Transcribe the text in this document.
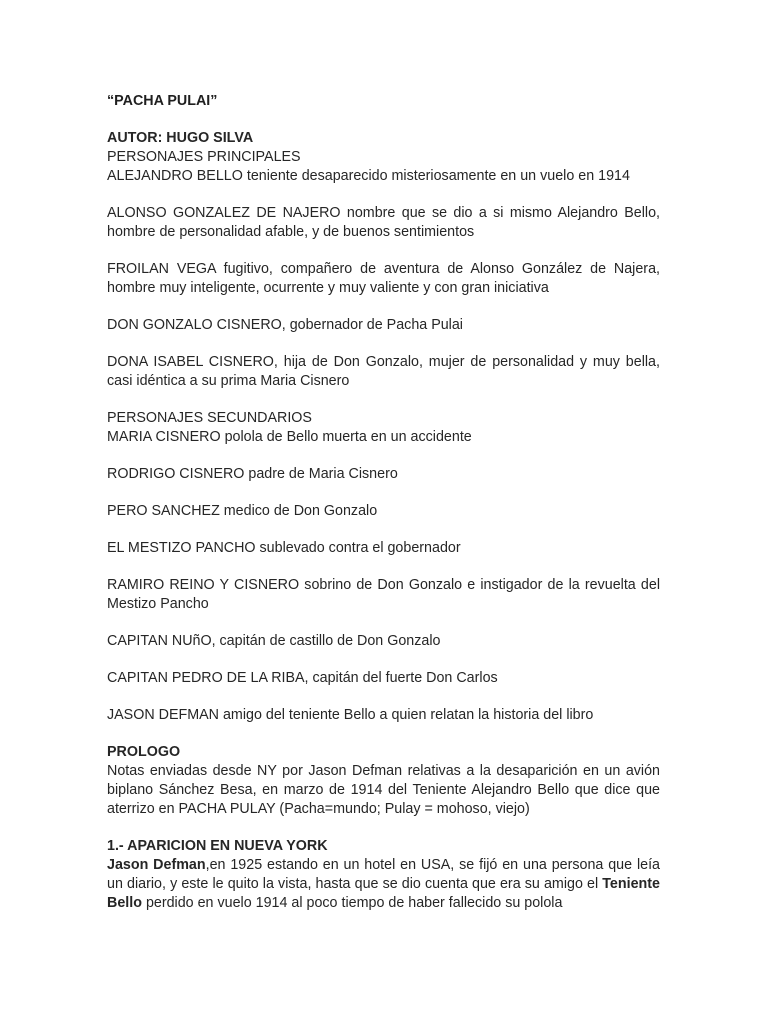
“PACHA PULAI”

AUTOR: HUGO SILVA

PERSONAJES PRINCIPALES

ALEJANDRO BELLO teniente desaparecido misteriosamente en un vuelo en 1914

ALONSO GONZALEZ DE NAJERO nombre que se dio a si mismo Alejandro Bello, hombre de personalidad afable, y de buenos sentimientos

FROILAN VEGA fugitivo, compañero de aventura de Alonso González de Najera, hombre muy inteligente, ocurrente y muy valiente y con gran iniciativa

DON GONZALO CISNERO, gobernador de Pacha Pulai

DONA ISABEL CISNERO, hija de Don Gonzalo, mujer de personalidad y muy bella, casi idéntica a su prima Maria Cisnero

PERSONAJES SECUNDARIOS

MARIA CISNERO polola de Bello muerta en un accidente

RODRIGO CISNERO padre de Maria Cisnero

PERO SANCHEZ medico de Don Gonzalo

EL MESTIZO PANCHO sublevado contra el gobernador

RAMIRO REINO Y CISNERO sobrino de Don Gonzalo e instigador de la revuelta del Mestizo Pancho

CAPITAN NUñO, capitán de castillo de Don Gonzalo

CAPITAN PEDRO DE LA RIBA, capitán del fuerte Don Carlos

JASON DEFMAN amigo del teniente Bello a quien relatan la historia del libro

PROLOGO

Notas enviadas desde NY por Jason Defman relativas a la desaparición en un avión biplano Sánchez Besa, en marzo de 1914 del Teniente Alejandro Bello que dice que aterrizo en PACHA PULAY (Pacha=mundo; Pulay = mohoso, viejo)

1.- APARICION EN NUEVA YORK

Jason Defman,en 1925 estando en un hotel en USA, se fijó en una persona que leía un diario, y este le quito la vista, hasta que se dio cuenta que era su amigo el Teniente Bello perdido en vuelo 1914 al poco tiempo de haber fallecido su polola
